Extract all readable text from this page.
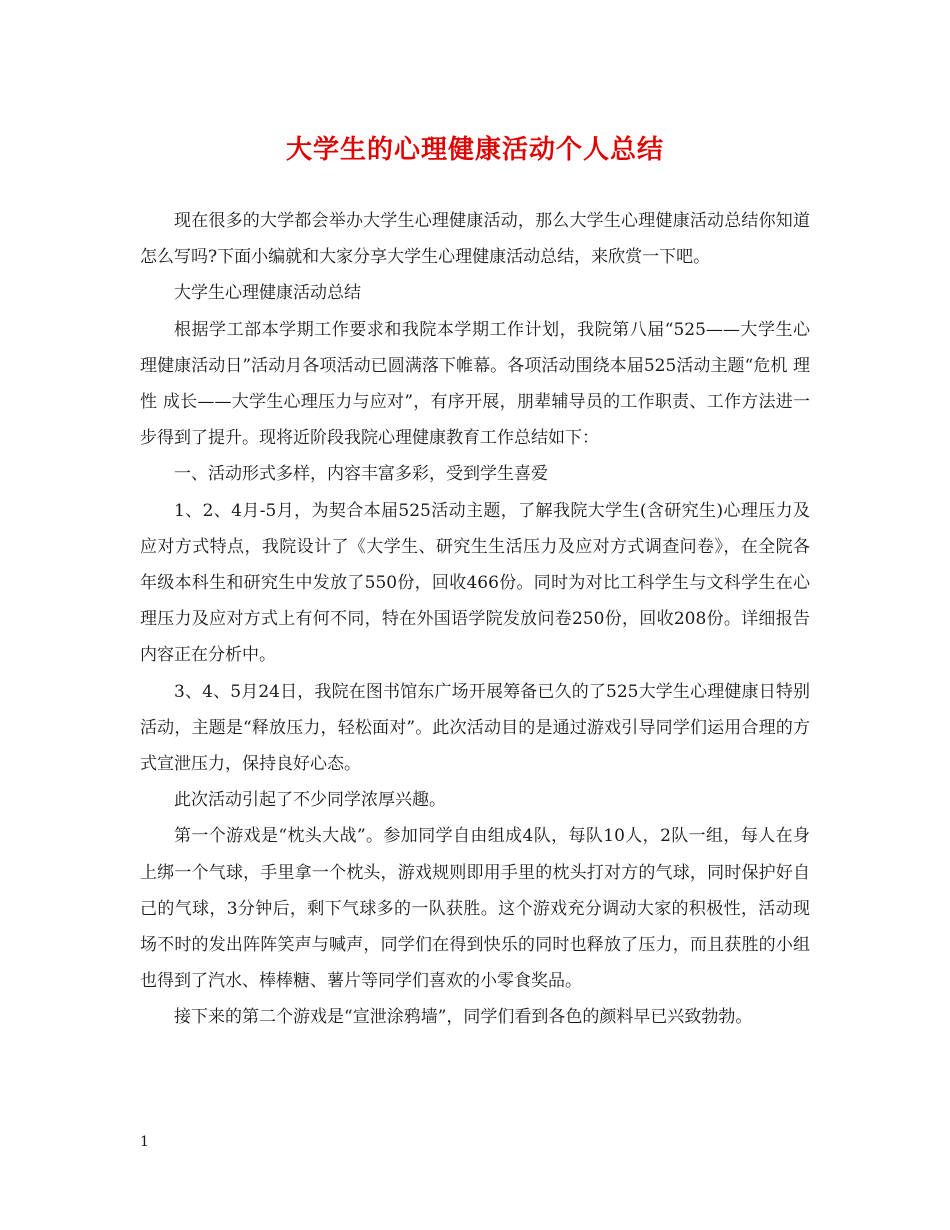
大学生的心理健康活动个人总结

现在很多的大学都会举办大学生心理健康活动，那么大学生心理健康活动总结你知道怎么写吗?下面小编就和大家分享大学生心理健康活动总结，来欣赏一下吧。

大学生心理健康活动总结

根据学工部本学期工作要求和我院本学期工作计划，我院第八届“525——大学生心理健康活动日”活动月各项活动已圆满落下帷幕。各项活动围绕本届525活动主题“危机 理性 成长——大学生心理压力与应对”，有序开展，朋辈辅导员的工作职责、工作方法进一步得到了提升。现将近阶段我院心理健康教育工作总结如下：

一、活动形式多样，内容丰富多彩，受到学生喜爱

1、2、4月-5月，为契合本届525活动主题，了解我院大学生(含研究生)心理压力及应对方式特点，我院设计了《大学生、研究生生活压力及应对方式调查问卷》，在全院各年级本科生和研究生中发放了550份，回收466份。同时为对比工科学生与文科学生在心理压力及应对方式上有何不同，特在外国语学院发放问卷250份，回收208份。详细报告内容正在分析中。

3、4、5月24日，我院在图书馆东广场开展筹备已久的了525大学生心理健康日特别活动，主题是“释放压力，轻松面对”。此次活动目的是通过游戏引导同学们运用合理的方式宣泄压力，保持良好心态。

此次活动引起了不少同学浓厚兴趣。

第一个游戏是“枕头大战”。参加同学自由组成4队，每队10人，2队一组，每人在身上绑一个气球，手里拿一个枕头，游戏规则即用手里的枕头打对方的气球，同时保护好自己的气球，3分钟后，剩下气球多的一队获胜。这个游戏充分调动大家的积极性，活动现场不时的发出阵阵笑声与喊声，同学们在得到快乐的同时也释放了压力，而且获胜的小组也得到了汽水、棒棒糖、薯片等同学们喜欢的小零食奖品。

接下来的第二个游戏是“宣泄涂鸦墙”，同学们看到各色的颜料早已兴致勃勃。

1
